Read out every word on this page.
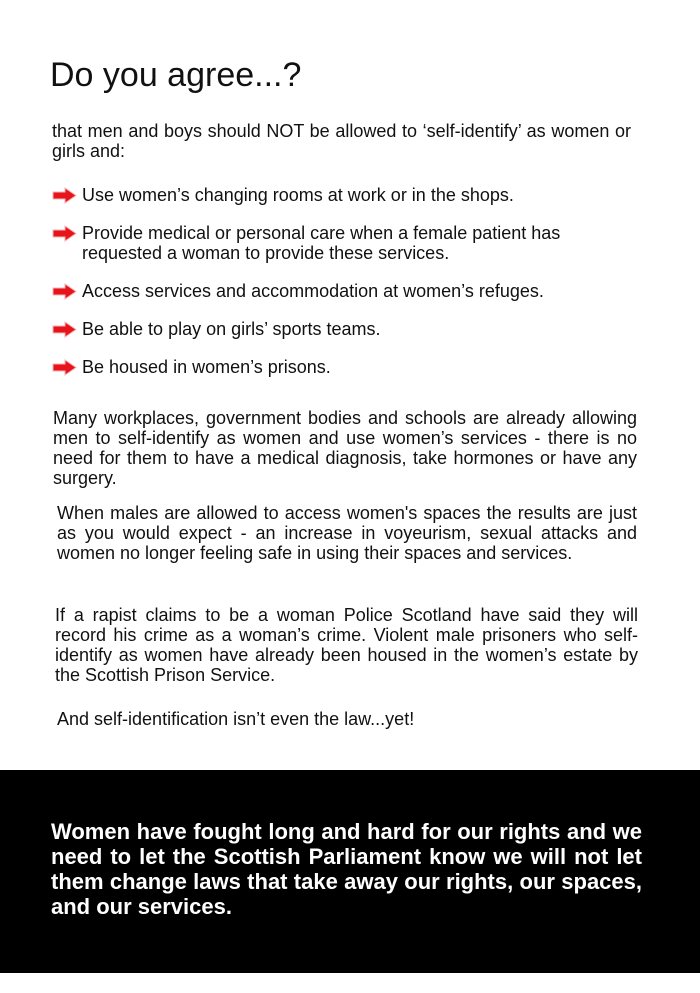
Do you agree...?

that men and boys should NOT be allowed to ‘self-identify’ as women or girls and:

Use women’s changing rooms at work or in the shops.
Provide medical or personal care when a female patient has requested a woman to provide these services.
Access services and accommodation at women’s refuges.
Be able to play on girls’ sports teams.
Be housed in women’s prisons.

Many workplaces, government bodies and schools are already allowing men to self-identify as women and use women’s services - there is no need for them to have a medical diagnosis, take hormones or have any surgery.

When males are allowed to access women's spaces the results are just as you would expect - an increase in voyeurism, sexual attacks and women no longer feeling safe in using their spaces and services.

If a rapist claims to be a woman Police Scotland have said they will record his crime as a woman’s crime. Violent male prisoners who self-identify as women have already been housed in the women’s estate by the Scottish Prison Service.

And self-identification isn’t even the law...yet!

Women have fought long and hard for our rights and we need to let the Scottish Parliament know we will not let them change laws that take away our rights, our spaces, and our services.
